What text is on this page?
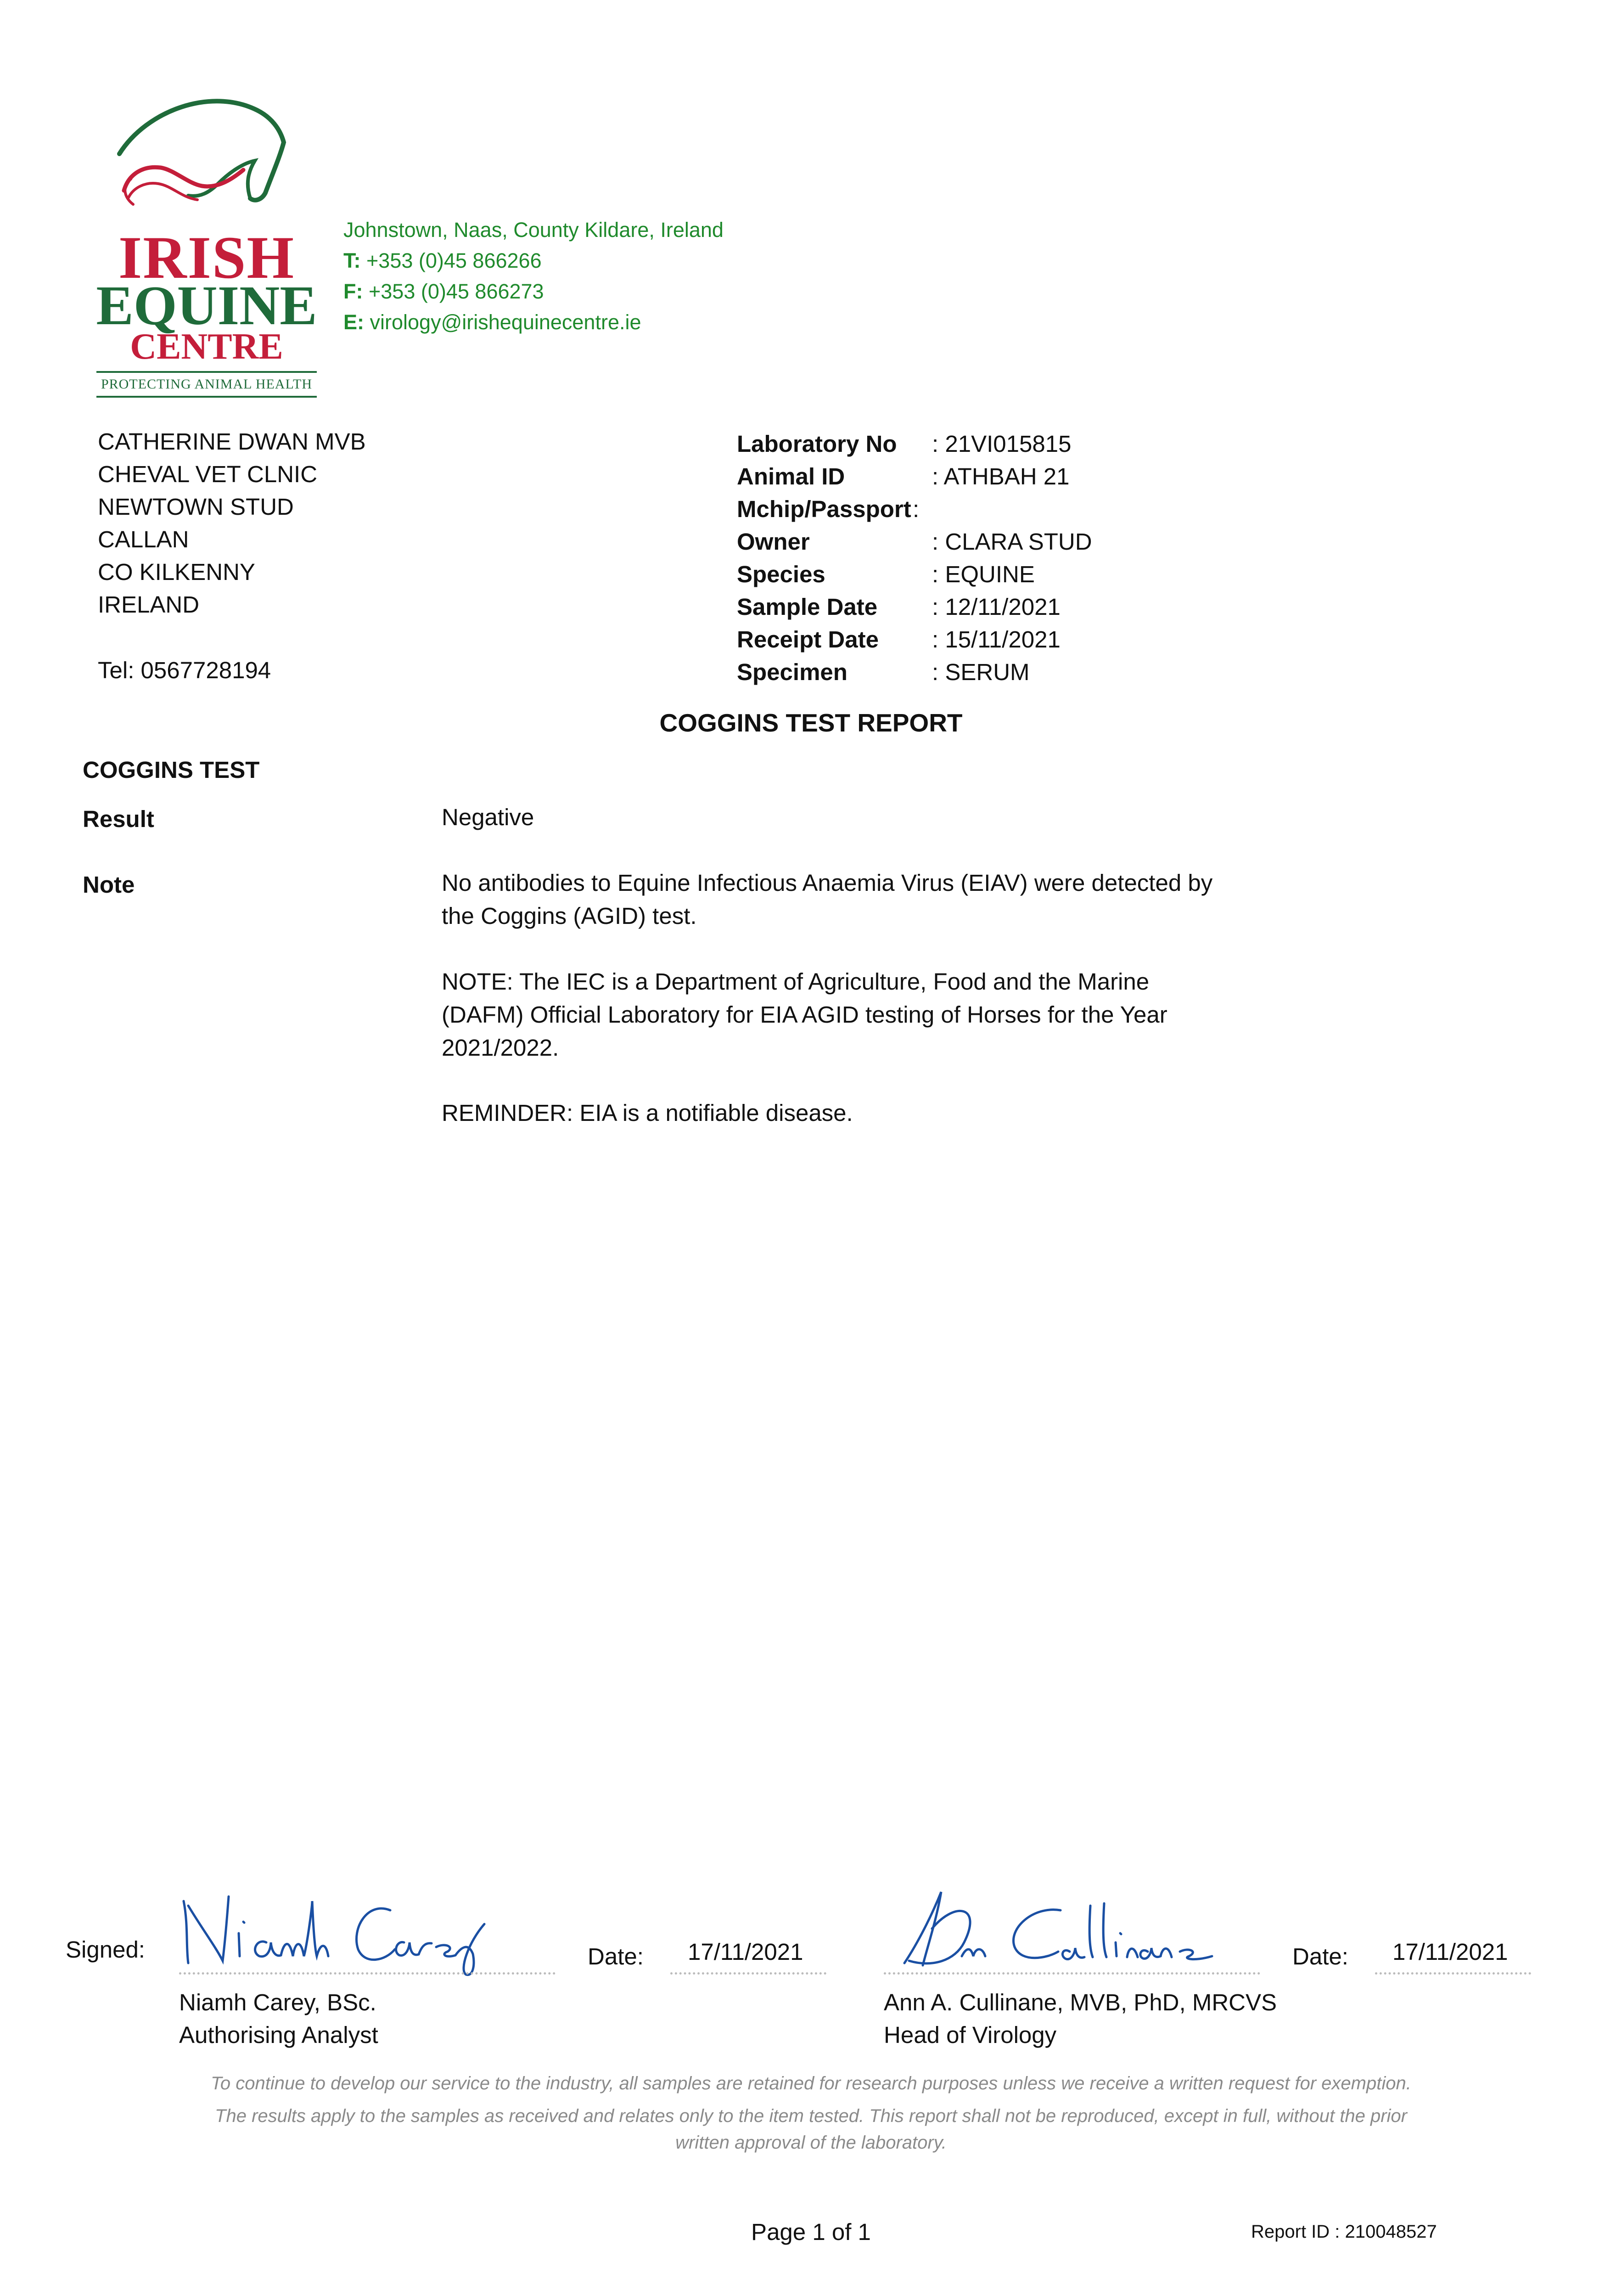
IRISH
EQUINE
CENTRE
PROTECTING ANIMAL HEALTH
Johnstown, Naas, County Kildare, Ireland
T: +353 (0)45 866266
F: +353 (0)45 866273
E: virology@irishequinecentre.ie
CATHERINE DWAN MVB
CHEVAL VET CLNIC
NEWTOWN STUD
CALLAN
CO KILKENNY
IRELAND
Tel: 0567728194
Laboratory No : 21VI015815
Animal ID	: ATHBAH 21
Mchip/Passport :
Owner	: CLARA STUD
Species	: EQUINE
Sample Date : 12/11/2021
Receipt Date : 15/11/2021
Specimen	: SERUM
COGGINS TEST REPORT
COGGINS TEST
Result	Negative
Note	No antibodies to Equine Infectious Anaemia Virus (EIAV) were detected by
the Coggins (AGID) test.
NOTE: The IEC is a Department of Agriculture, Food and the Marine
(DAFM) Official Laboratory for EIA AGID testing of Horses for the Year
2021/2022.
REMINDER: EIA is a notifiable disease.
Signed:	Date: 17/11/2021
Niamh Carey, BSc.
Authorising Analyst
Date: 17/11/2021
Ann A. Cullinane, MVB, PhD, MRCVS
Head of Virology
To continue to develop our service to the industry, all samples are retained for research purposes unless we receive a written request for exemption.
The results apply to the samples as received and relates only to the item tested. This report shall not be reproduced, except in full, without the prior
written approval of the laboratory.
Page 1 of 1	Report ID : 210048527
